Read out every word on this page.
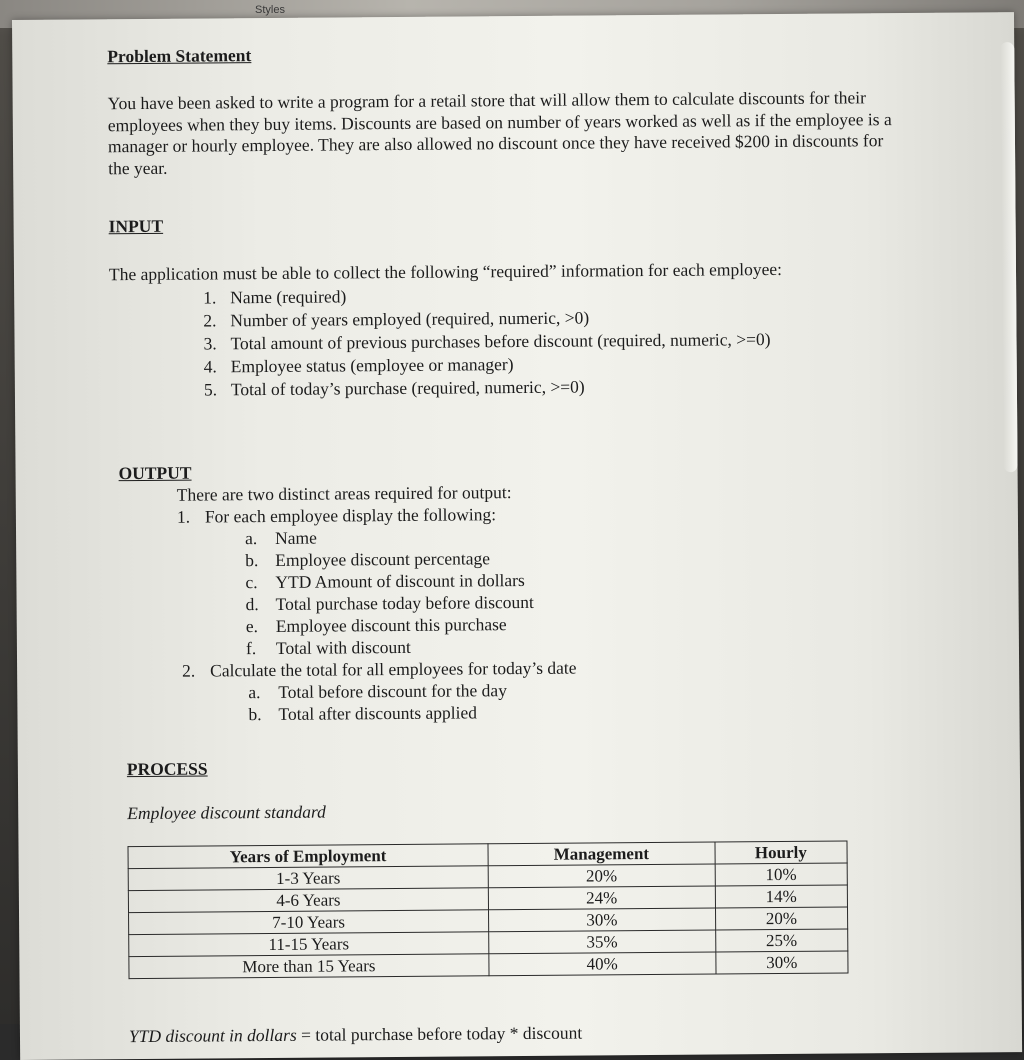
Styles

Problem Statement

You have been asked to write a program for a retail store that will allow them to calculate discounts for their employees when they buy items. Discounts are based on number of years worked as well as if the employee is a manager or hourly employee. They are also allowed no discount once they have received $200 in discounts for the year.

INPUT

The application must be able to collect the following “required” information for each employee:

1. Name (required)
2. Number of years employed (required, numeric, >0)
3. Total amount of previous purchases before discount (required, numeric, >=0)
4. Employee status (employee or manager)
5. Total of today’s purchase (required, numeric, >=0)

OUTPUT

There are two distinct areas required for output:

1. For each employee display the following:
a.	Name
b. Employee discount percentage
c.	YTD Amount of discount in dollars
d. Total purchase today before discount
e.	Employee discount this purchase
f.	Total with discount
2. Calculate the total for all employees for today’s date
a.	Total before discount for the day
b. Total after discounts applied

PROCESS

Employee discount standard
Years of Employment	Management	Hourly
1-3 Years	20%	10%
4-6 Years	24%	14%
7-10 Years	30%	20%
11-15 Years	35%	25%
More than 15 Years	40%	30%
YTD discount in dollars = total purchase before today * discount
